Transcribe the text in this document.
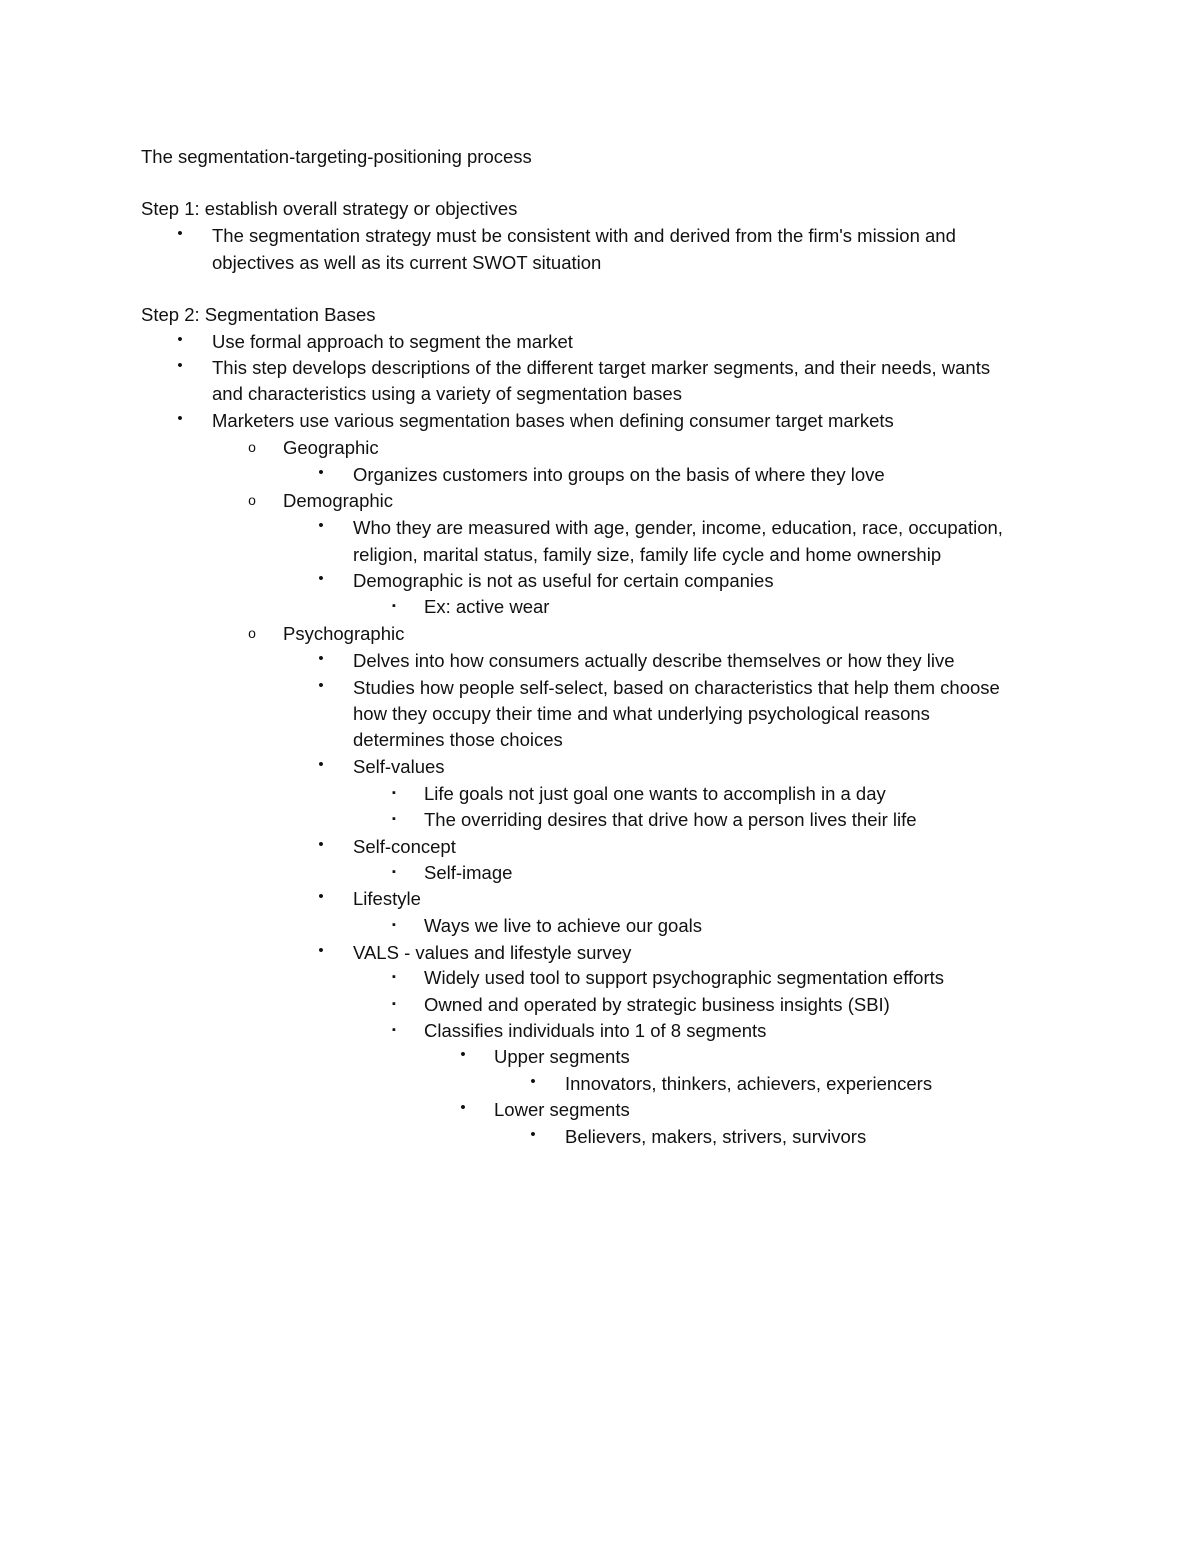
The segmentation-targeting-positioning process
Step 1: establish overall strategy or objectives
• The segmentation strategy must be consistent with and derived from the firm's mission and
objectives as well as its current SWOT situation
Step 2: Segmentation Bases
• Use formal approach to segment the market
• This step develops descriptions of the different target marker segments, and their needs, wants
and characteristics using a variety of segmentation bases
• Marketers use various segmentation bases when defining consumer target markets
o Geographic
• Organizes customers into groups on the basis of where they love
o Demographic
• Who they are measured with age, gender, income, education, race, occupation,
religion, marital status, family size, family life cycle and home ownership
• Demographic is not as useful for certain companies
▪	Ex: active wear
o Psychographic
• Delves into how consumers actually describe themselves or how they live
• Studies how people self-select, based on characteristics that help them choose
how they occupy their time and what underlying psychological reasons
determines those choices
• Self-values
▪	Life goals not just goal one wants to accomplish in a day
▪	The overriding desires that drive how a person lives their life
• Self-concept
▪	Self-image
• Lifestyle
▪	Ways we live to achieve our goals
• VALS - values and lifestyle survey
▪	Widely used tool to support psychographic segmentation efforts
▪	Owned and operated by strategic business insights (SBI)
▪	Classifies individuals into 1 of 8 segments
• Upper segments
• Innovators, thinkers, achievers, experiencers
• Lower segments
• Believers, makers, strivers, survivors
